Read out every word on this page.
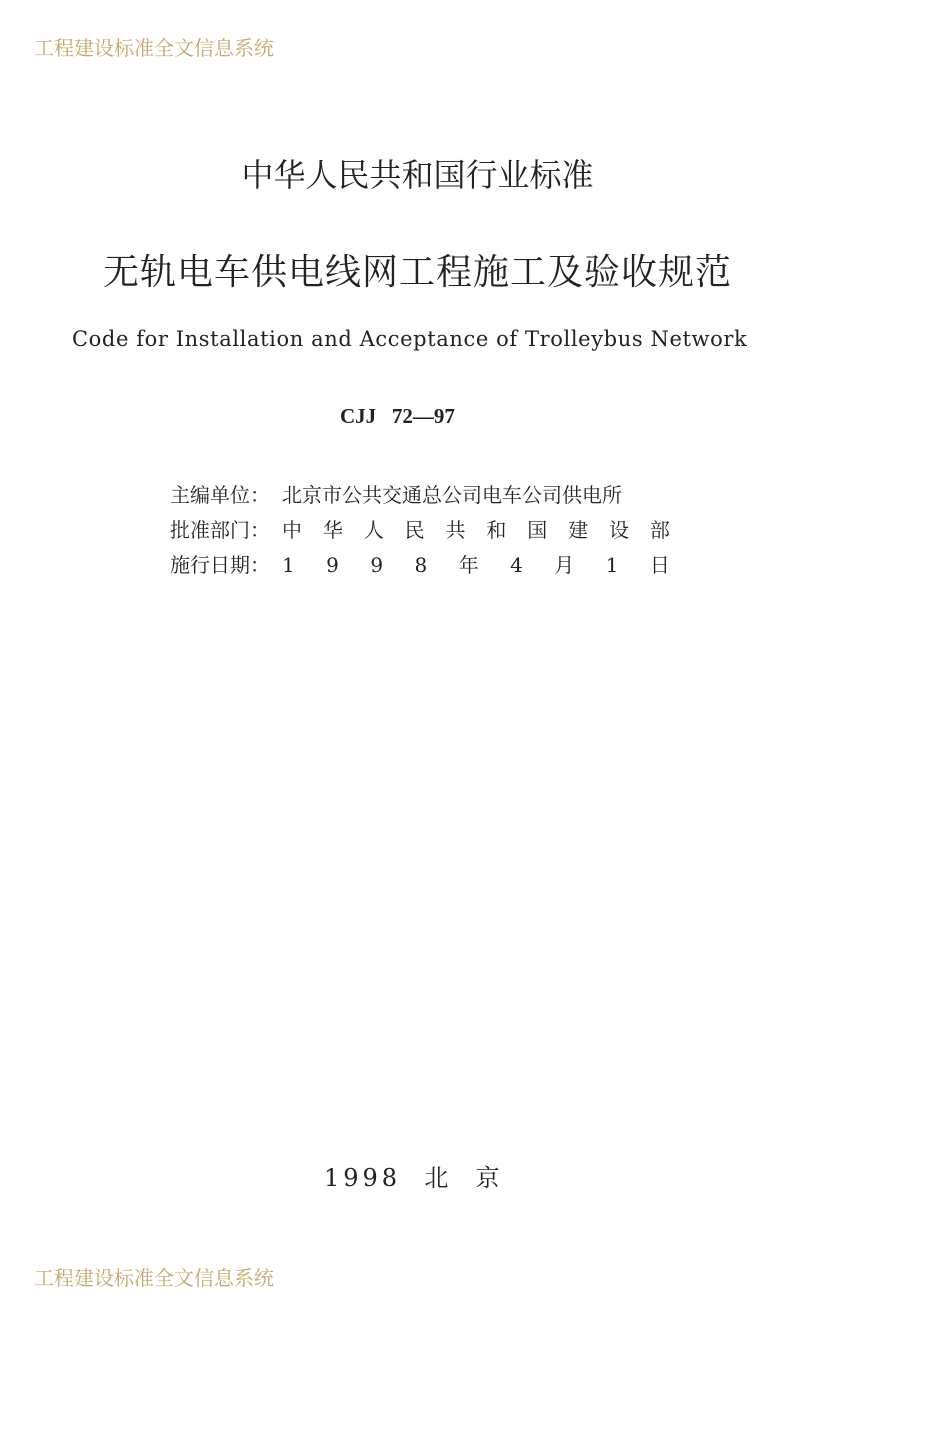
工程建设标准全文信息系统
中华人民共和国行业标准
无轨电车供电线网工程施工及验收规范
Code for Installation and Acceptance of Trolleybus Network
CJJ   72—97
主编单位： 北京市公共交通总公司电车公司供电所
批准部门： 中 华 人 民 共 和 国 建 设 部
施行日期： 1 9 9 8 年 4 月 1 日
1998  北  京
工程建设标准全文信息系统
